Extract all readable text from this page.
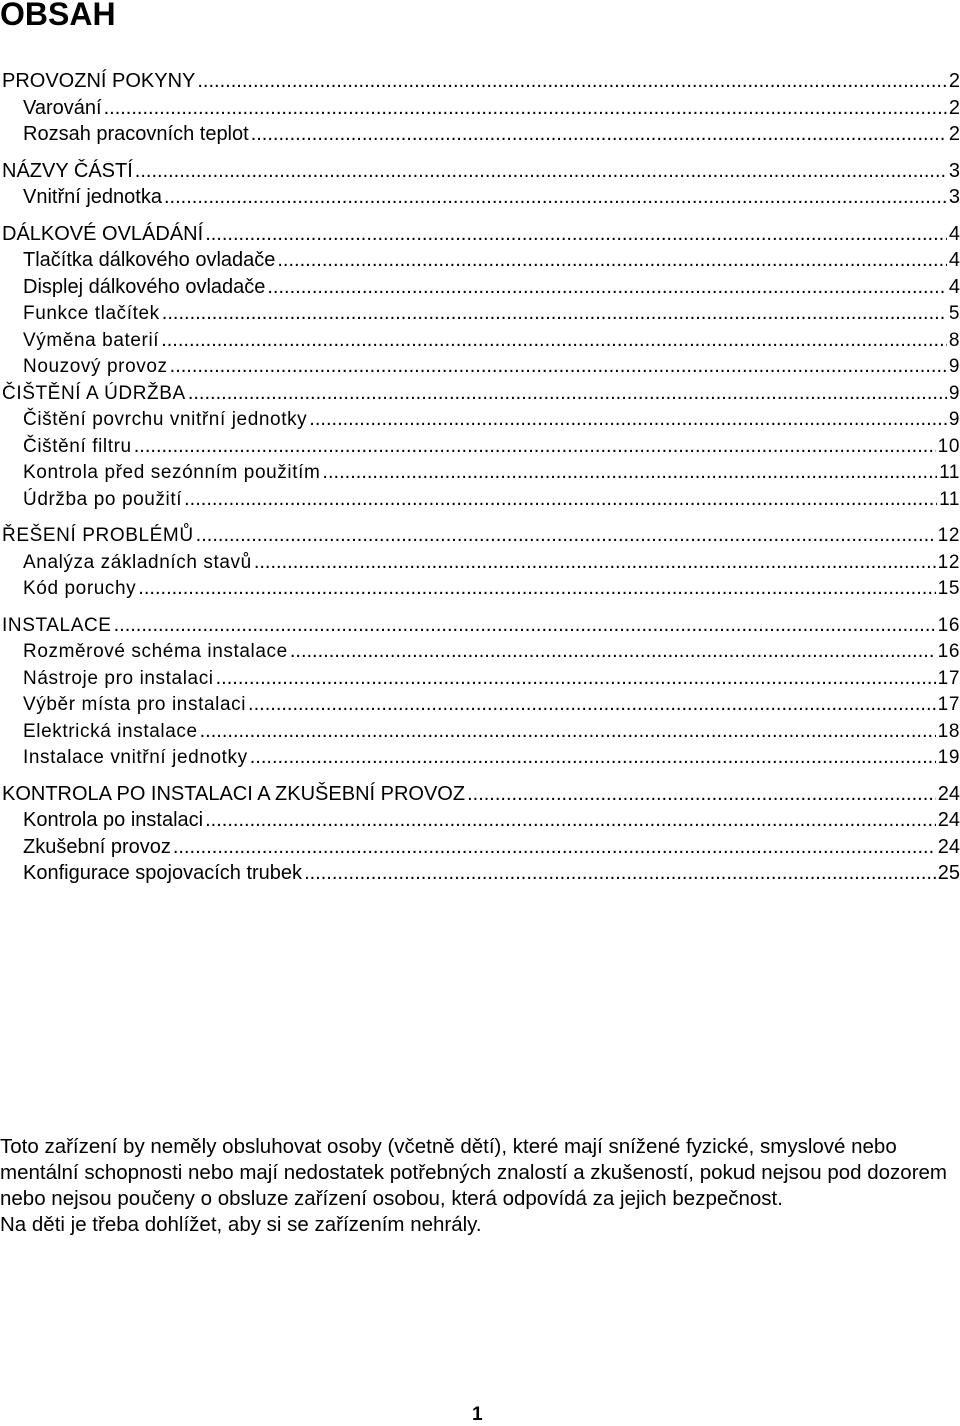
OBSAH
PROVOZNÍ POKYNY .....	2
Varování .....	2
Rozsah pracovních teplot .....	2
NÁZVY ČÁSTÍ .....	3
Vnitřní jednotka .....	3
DÁLKOVÉ OVLÁDÁNÍ .....	4
Tlačítka dálkového ovladače .....	4
Displej dálkového ovladače .....	4
Funkce tlačítek .....	5
Výměna baterií .....	8
Nouzový provoz .....	9
ČIŠTĚNÍ A ÚDRŽBA .....	9
Čištění povrchu vnitřní jednotky .....	9
Čištění filtru .....	10
Kontrola před sezónním použitím .....	11
Údržba po použití .....	11
ŘEŠENÍ PROBLÉMŮ .....	12
Analýza základních stavů .....	12
Kód poruchy .....	15
INSTALACE .....	16
Rozměrové schéma instalace .....	16
Nástroje pro instalaci .....	17
Výběr místa pro instalaci .....	17
Elektrická instalace .....	18
Instalace vnitřní jednotky .....	19
KONTROLA PO INSTALACI A ZKUŠEBNÍ PROVOZ .....	24
Kontrola po instalaci .....	24
Zkušební provoz .....	24
Konfigurace spojovacích trubek .....	25

Toto zařízení by neměly obsluhovat osoby (včetně dětí), které mají snížené fyzické, smyslové nebo mentální schopnosti nebo mají nedostatek potřebných znalostí a zkušeností, pokud nejsou pod dozorem nebo nejsou poučeny o obsluze zařízení osobou, která odpovídá za jejich bezpečnost.

Na děti je třeba dohlížet, aby si se zařízením nehrály.

1
